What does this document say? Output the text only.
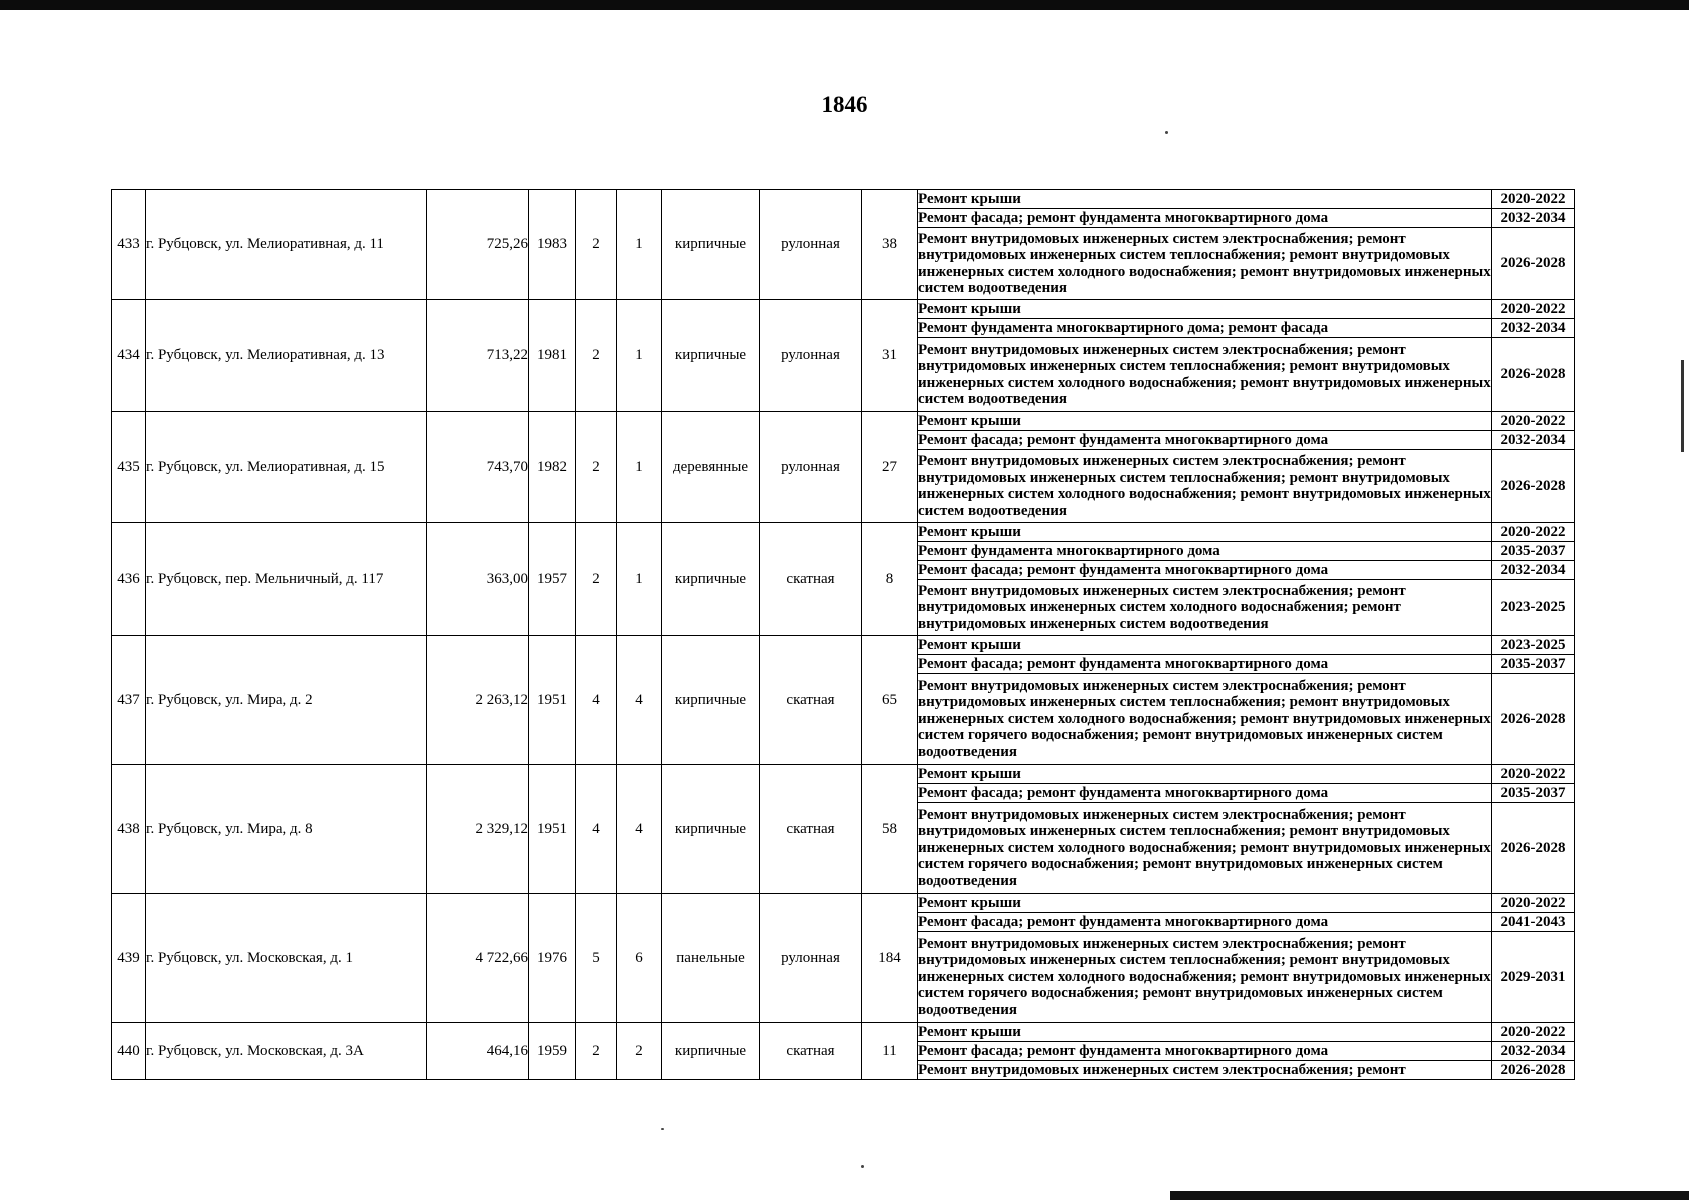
1846
433	г. Рубцовск, ул. Мелиоративная, д. 11	725,26	1983	2	1	кирпичные	рулонная	38	Ремонт крыши	2020-2022
									Ремонт фасада; ремонт фундамента многоквартирного дома	2032-2034
									Ремонт внутридомовых инженерных систем электроснабжения; ремонт внутридомовых инженерных систем теплоснабжения; ремонт внутридомовых инженерных систем холодного водоснабжения; ремонт внутридомовых инженерных систем водоотведения	2026-2028
434	г. Рубцовск, ул. Мелиоративная, д. 13	713,22	1981	2	1	кирпичные	рулонная	31	Ремонт крыши	2020-2022
									Ремонт фундамента многоквартирного дома; ремонт фасада	2032-2034
									Ремонт внутридомовых инженерных систем электроснабжения; ремонт внутридомовых инженерных систем теплоснабжения; ремонт внутридомовых инженерных систем холодного водоснабжения; ремонт внутридомовых инженерных систем водоотведения	2026-2028
435	г. Рубцовск, ул. Мелиоративная, д. 15	743,70	1982	2	1	деревянные	рулонная	27	Ремонт крыши	2020-2022
									Ремонт фасада; ремонт фундамента многоквартирного дома	2032-2034
									Ремонт внутридомовых инженерных систем электроснабжения; ремонт внутридомовых инженерных систем теплоснабжения; ремонт внутридомовых инженерных систем холодного водоснабжения; ремонт внутридомовых инженерных систем водоотведения	2026-2028
436	г. Рубцовск, пер. Мельничный, д. 117	363,00	1957	2	1	кирпичные	скатная	8	Ремонт крыши	2020-2022
									Ремонт фундамента многоквартирного дома	2035-2037
									Ремонт фасада; ремонт фундамента многоквартирного дома	2032-2034
									Ремонт внутридомовых инженерных систем электроснабжения; ремонт внутридомовых инженерных систем холодного водоснабжения; ремонт внутридомовых инженерных систем водоотведения	2023-2025
437	г. Рубцовск, ул. Мира, д. 2	2 263,12	1951	4	4	кирпичные	скатная	65	Ремонт крыши	2023-2025
									Ремонт фасада; ремонт фундамента многоквартирного дома	2035-2037
									Ремонт внутридомовых инженерных систем электроснабжения; ремонт внутридомовых инженерных систем теплоснабжения; ремонт внутридомовых инженерных систем холодного водоснабжения; ремонт внутридомовых инженерных систем горячего водоснабжения; ремонт внутридомовых инженерных систем водоотведения	2026-2028
438	г. Рубцовск, ул. Мира, д. 8	2 329,12	1951	4	4	кирпичные	скатная	58	Ремонт крыши	2020-2022
									Ремонт фасада; ремонт фундамента многоквартирного дома	2035-2037
									Ремонт внутридомовых инженерных систем электроснабжения; ремонт внутридомовых инженерных систем теплоснабжения; ремонт внутридомовых инженерных систем холодного водоснабжения; ремонт внутридомовых инженерных систем горячего водоснабжения; ремонт внутридомовых инженерных систем водоотведения	2026-2028
439	г. Рубцовск, ул. Московская, д. 1	4 722,66	1976	5	6	панельные	рулонная	184	Ремонт крыши	2020-2022
									Ремонт фасада; ремонт фундамента многоквартирного дома	2041-2043
									Ремонт внутридомовых инженерных систем электроснабжения; ремонт внутридомовых инженерных систем теплоснабжения; ремонт внутридомовых инженерных систем холодного водоснабжения; ремонт внутридомовых инженерных систем горячего водоснабжения; ремонт внутридомовых инженерных систем водоотведения	2029-2031
440	г. Рубцовск, ул. Московская, д. 3А	464,16	1959	2	2	кирпичные	скатная	11	Ремонт крыши	2020-2022
									Ремонт фасада; ремонт фундамента многоквартирного дома	2032-2034
									Ремонт внутридомовых инженерных систем электроснабжения; ремонт	2026-2028
